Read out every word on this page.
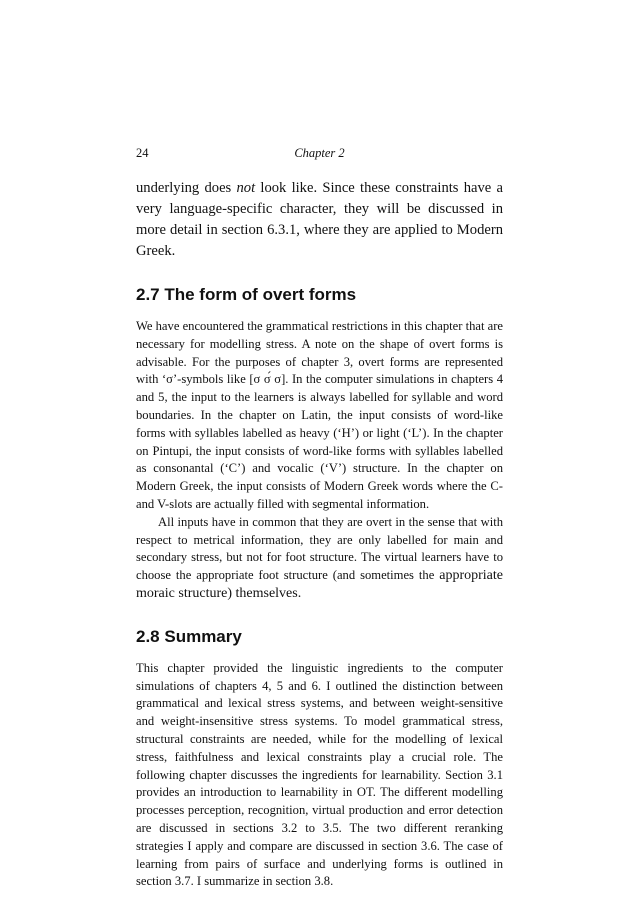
24	Chapter 2

underlying does not look like. Since these constraints have a very language-specific character, they will be discussed in more detail in section 6.3.1, where they are applied to Modern Greek.

2.7 The form of overt forms

We have encountered the grammatical restrictions in this chapter that are necessary for modelling stress. A note on the shape of overt forms is advisable. For the purposes of chapter 3, overt forms are represented with ‘σ’-symbols like [σ σ́ σ]. In the computer simulations in chapters 4 and 5, the input to the learners is always labelled for syllable and word boundaries. In the chapter on Latin, the input consists of word-like forms with syllables labelled as heavy (‘H’) or light (‘L’). In the chapter on Pintupi, the input consists of word-like forms with syllables labelled as consonantal (‘C’) and vocalic (‘V’) structure. In the chapter on Modern Greek, the input consists of Modern Greek words where the C- and V-slots are actually filled with segmental information.

All inputs have in common that they are overt in the sense that with respect to metrical information, they are only labelled for main and secondary stress, but not for foot structure. The virtual learners have to choose the appropriate foot structure (and sometimes the appropriate moraic structure) themselves.

2.8 Summary

This chapter provided the linguistic ingredients to the computer simulations of chapters 4, 5 and 6. I outlined the distinction between grammatical and lexical stress systems, and between weight-sensitive and weight-insensitive stress systems. To model grammatical stress, structural constraints are needed, while for the modelling of lexical stress, faithfulness and lexical constraints play a crucial role. The following chapter discusses the ingredients for learnability. Section 3.1 provides an introduction to learnability in OT. The different modelling processes perception, recognition, virtual production and error detection are discussed in sections 3.2 to 3.5. The two different reranking strategies I apply and compare are discussed in section 3.6. The case of learning from pairs of surface and underlying forms is outlined in section 3.7. I summarize in section 3.8.
